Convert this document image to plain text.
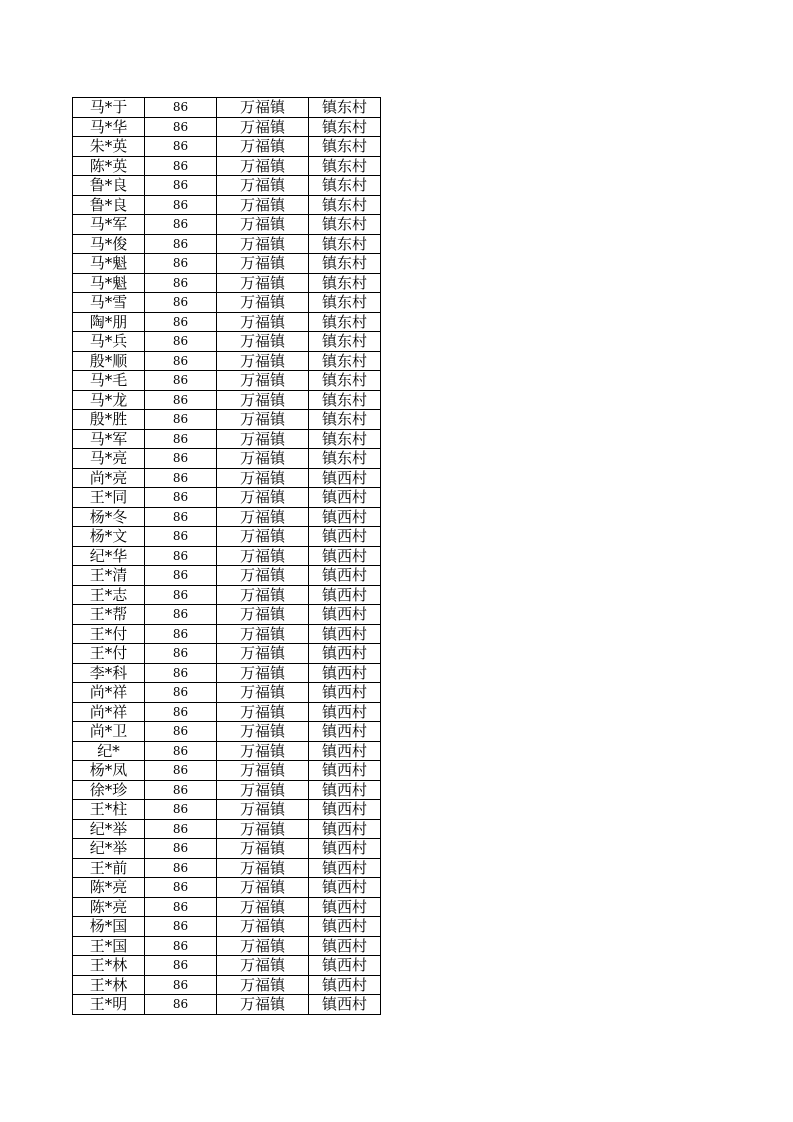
马*于	86	万福镇	镇东村
马*华	86	万福镇	镇东村
朱*英	86	万福镇	镇东村
陈*英	86	万福镇	镇东村
鲁*良	86	万福镇	镇东村
鲁*良	86	万福镇	镇东村
马*军	86	万福镇	镇东村
马*俊	86	万福镇	镇东村
马*魁	86	万福镇	镇东村
马*魁	86	万福镇	镇东村
马*雪	86	万福镇	镇东村
陶*朋	86	万福镇	镇东村
马*兵	86	万福镇	镇东村
殷*顺	86	万福镇	镇东村
马*毛	86	万福镇	镇东村
马*龙	86	万福镇	镇东村
殷*胜	86	万福镇	镇东村
马*军	86	万福镇	镇东村
马*亮	86	万福镇	镇东村
尚*亮	86	万福镇	镇西村
王*同	86	万福镇	镇西村
杨*冬	86	万福镇	镇西村
杨*文	86	万福镇	镇西村
纪*华	86	万福镇	镇西村
王*清	86	万福镇	镇西村
王*志	86	万福镇	镇西村
王*帮	86	万福镇	镇西村
王*付	86	万福镇	镇西村
王*付	86	万福镇	镇西村
李*科	86	万福镇	镇西村
尚*祥	86	万福镇	镇西村
尚*祥	86	万福镇	镇西村
尚*卫	86	万福镇	镇西村
纪*	86	万福镇	镇西村
杨*凤	86	万福镇	镇西村
徐*珍	86	万福镇	镇西村
王*柱	86	万福镇	镇西村
纪*举	86	万福镇	镇西村
纪*举	86	万福镇	镇西村
王*前	86	万福镇	镇西村
陈*亮	86	万福镇	镇西村
陈*亮	86	万福镇	镇西村
杨*国	86	万福镇	镇西村
王*国	86	万福镇	镇西村
王*林	86	万福镇	镇西村
王*林	86	万福镇	镇西村
王*明	86	万福镇	镇西村
